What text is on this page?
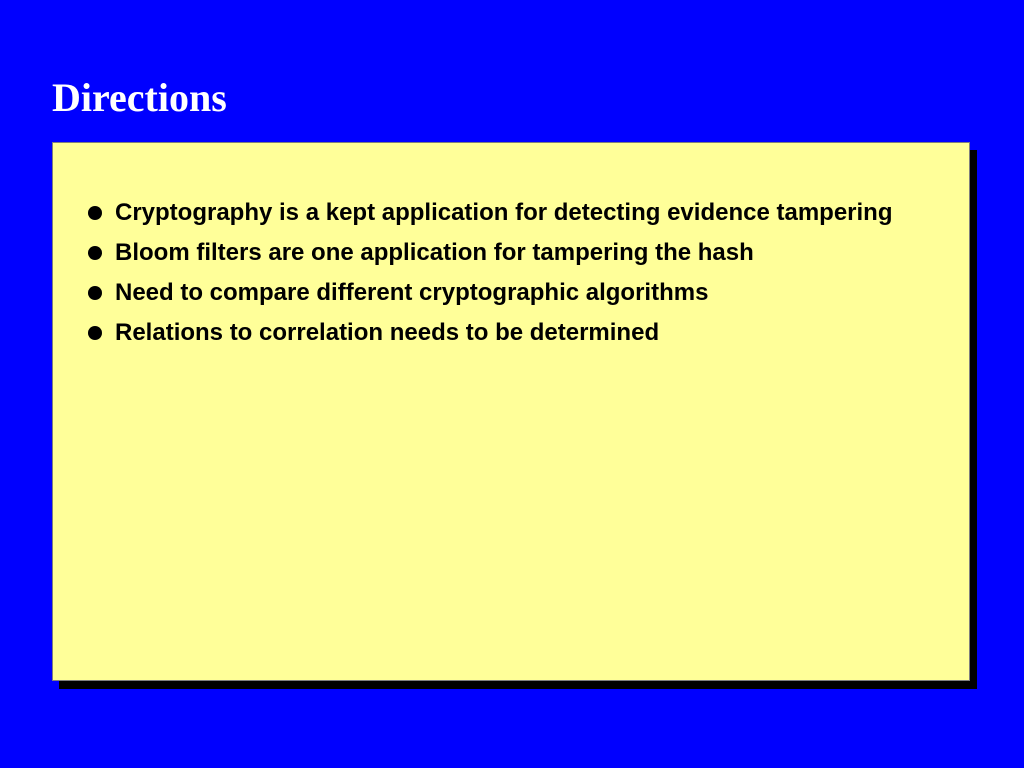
Directions
Cryptography is a kept application for detecting evidence tampering
Bloom filters are one application for tampering the hash
Need to compare different cryptographic algorithms
Relations to correlation needs to be determined
